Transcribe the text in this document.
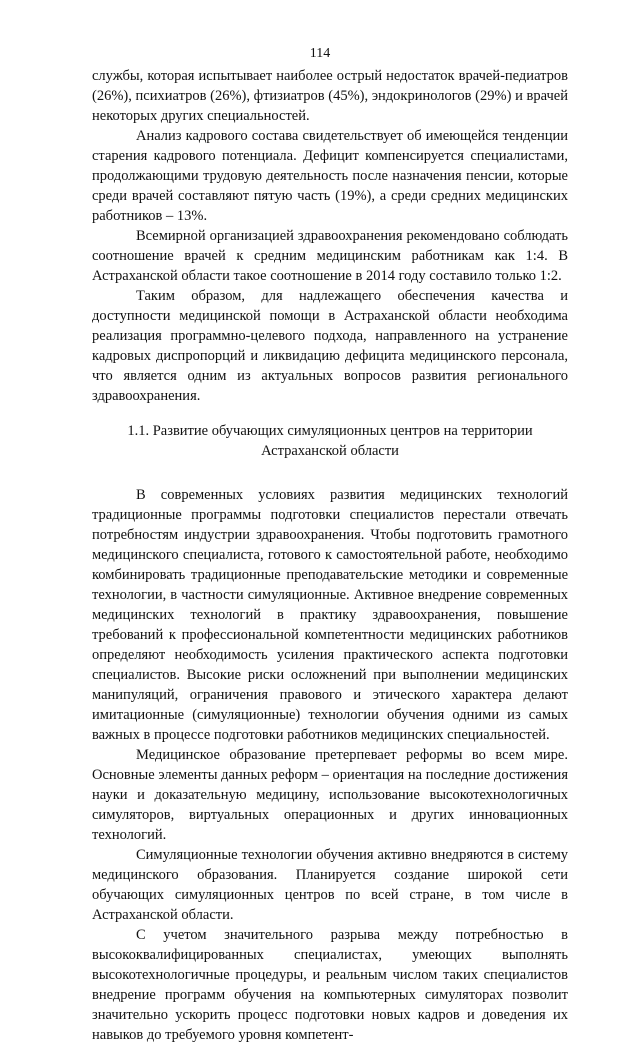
114

службы, которая испытывает наиболее острый недостаток врачей-педиатров (26%), психиатров (26%), фтизиатров (45%), эндокринологов (29%) и врачей некоторых других специальностей.

Анализ кадрового состава свидетельствует об имеющейся тенденции старения кадрового потенциала. Дефицит компенсируется специалистами, продолжающими трудовую деятельность после назначения пенсии, которые среди врачей составляют пятую часть (19%), а среди средних медицинских работников – 13%.

Всемирной организацией здравоохранения рекомендовано соблюдать соотношение врачей к средним медицинским работникам как 1:4. В Астраханской области такое соотношение в 2014 году составило только 1:2.

Таким образом, для надлежащего обеспечения качества и доступности медицинской помощи в Астраханской области необходима реализация программно-целевого подхода, направленного на устранение кадровых диспропорций и ликвидацию дефицита медицинского персонала, что является одним из актуальных вопросов развития регионального здравоохранения.

1.1. Развитие обучающих симуляционных центров на территории
Астраханской области

В современных условиях развития медицинских технологий традиционные программы подготовки специалистов перестали отвечать потребностям индустрии здравоохранения. Чтобы подготовить грамотного медицинского специалиста, готового к самостоятельной работе, необходимо комбинировать традиционные преподавательские методики и современные технологии, в частности симуляционные. Активное внедрение современных медицинских технологий в практику здравоохранения, повышение требований к профессиональной компетентности медицинских работников определяют необходимость усиления практического аспекта подготовки специалистов. Высокие риски осложнений при выполнении медицинских манипуляций, ограничения правового и этического характера делают имитационные (симуляционные) технологии обучения одними из самых важных в процессе подготовки работников медицинских специальностей.

Медицинское образование претерпевает реформы во всем мире. Основные элементы данных реформ – ориентация на последние достижения науки и доказательную медицину, использование высокотехнологичных симуляторов, виртуальных операционных и других инновационных технологий.

Симуляционные технологии обучения активно внедряются в систему медицинского образования. Планируется создание широкой сети обучающих симуляционных центров по всей стране, в том числе в Астраханской области.

С учетом значительного разрыва между потребностью в высококвалифицированных специалистах, умеющих выполнять высокотехнологичные процедуры, и реальным числом таких специалистов внедрение программ обучения на компьютерных симуляторах позволит значительно ускорить процесс подготовки новых кадров и доведения их навыков до требуемого уровня компетент-
